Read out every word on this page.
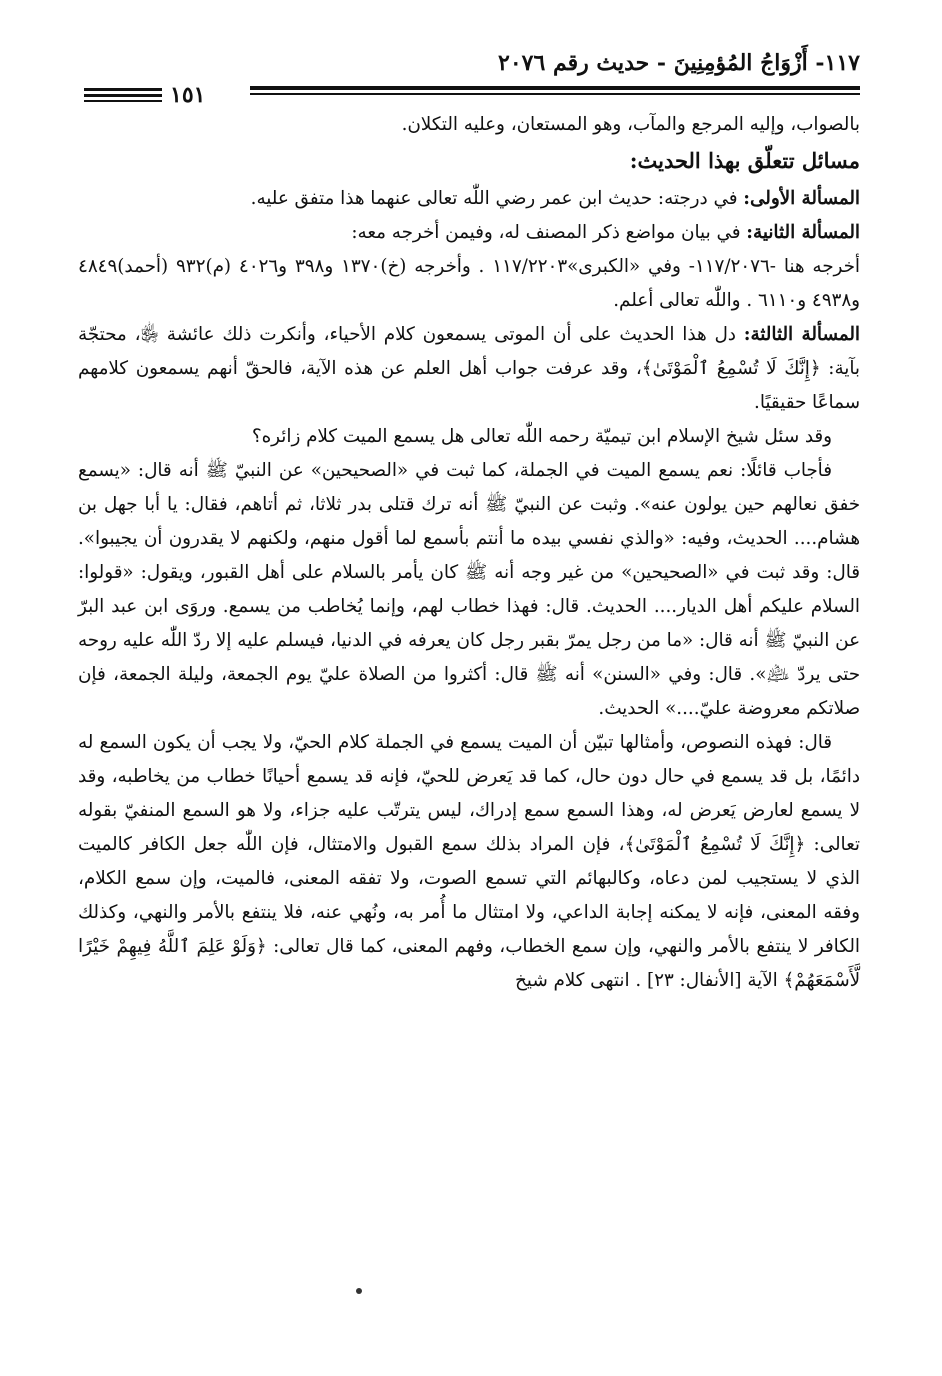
١١٧- أَزْوَاجُ المُؤمِنِينَ - حديث رقم ٢٠٧٦
١٥١

بالصواب، وإليه المرجع والمآب، وهو المستعان، وعليه التكلان.

مسائل تتعلّق بهذا الحديث:

المسألة الأولى: في درجته: حديث ابن عمر رضي اللّٰه تعالى عنهما هذا متفق عليه.

المسألة الثانية: في بيان مواضع ذكر المصنف له، وفيمن أخرجه معه:

أخرجه هنا -١١٧/٢٠٧٦- وفي «الكبرى»١١٧/٢٢٠٣ . وأخرجه (خ)١٣٧٠ و٣٩٨ و٤٠٢٦ (م)٩٣٢ (أحمد)٤٨٤٩ و٤٩٣٨ و٦١١٠ . واللّٰه تعالى أعلم.

المسألة الثالثة: دل هذا الحديث على أن الموتى يسمعون كلام الأحياء، وأنكرت ذلك عائشة ﵂، محتجّة بآية: ﴿إِنَّكَ لَا تُسْمِعُ ٱلْمَوْتَىٰ﴾، وقد عرفت جواب أهل العلم عن هذه الآية، فالحقّ أنهم يسمعون كلامهم سماعًا حقيقيًا.

وقد سئل شيخ الإسلام ابن تيميّة رحمه اللّٰه تعالى هل يسمع الميت كلام زائره؟

فأجاب قائلًا: نعم يسمع الميت في الجملة، كما ثبت في «الصحيحين» عن النبيّ ﷺ أنه قال: «يسمع خفق نعالهم حين يولون عنه». وثبت عن النبيّ ﷺ أنه ترك قتلى بدر ثلاثا، ثم أتاهم، فقال: يا أبا جهل بن هشام.... الحديث، وفيه: «والذي نفسي بيده ما أنتم بأسمع لما أقول منهم، ولكنهم لا يقدرون أن يجيبوا». قال: وقد ثبت في «الصحيحين» من غير وجه أنه ﷺ كان يأمر بالسلام على أهل القبور، ويقول: «قولوا: السلام عليكم أهل الديار.... الحديث. قال: فهذا خطاب لهم، وإنما يُخاطب من يسمع. وروَى ابن عبد البرّ عن النبيّ ﷺ أنه قال: «ما من رجل يمرّ بقبر رجل كان يعرفه في الدنيا، فيسلم عليه إلا ردّ اللّٰه عليه روحه حتى يردّ ﵇». قال: وفي «السنن» أنه ﷺ قال: أكثروا من الصلاة عليّ يوم الجمعة، وليلة الجمعة، فإن صلاتكم معروضة عليّ....» الحديث.

قال: فهذه النصوص، وأمثالها تبيّن أن الميت يسمع في الجملة كلام الحيّ، ولا يجب أن يكون السمع له دائمًا، بل قد يسمع في حال دون حال، كما قد يَعرض للحيّ، فإنه قد يسمع أحيانًا خطاب من يخاطبه، وقد لا يسمع لعارض يَعرض له، وهذا السمع سمع إدراك، ليس يترتّب عليه جزاء، ولا هو السمع المنفيّ بقوله تعالى: ﴿إِنَّكَ لَا تُسْمِعُ ٱلْمَوْتَىٰ﴾، فإن المراد بذلك سمع القبول والامتثال، فإن اللّٰه جعل الكافر كالميت الذي لا يستجيب لمن دعاه، وكالبهائم التي تسمع الصوت، ولا تفقه المعنى، فالميت، وإن سمع الكلام، وفقه المعنى، فإنه لا يمكنه إجابة الداعي، ولا امتثال ما أُمر به، ونُهي عنه، فلا ينتفع بالأمر والنهي، وكذلك الكافر لا ينتفع بالأمر والنهي، وإن سمع الخطاب، وفهم المعنى، كما قال تعالى: ﴿وَلَوْ عَلِمَ ٱللَّهُ فِيهِمْ خَيْرًا لَّأَسْمَعَهُمْ﴾ الآية [الأنفال: ٢٣] . انتهى كلام شيخ
